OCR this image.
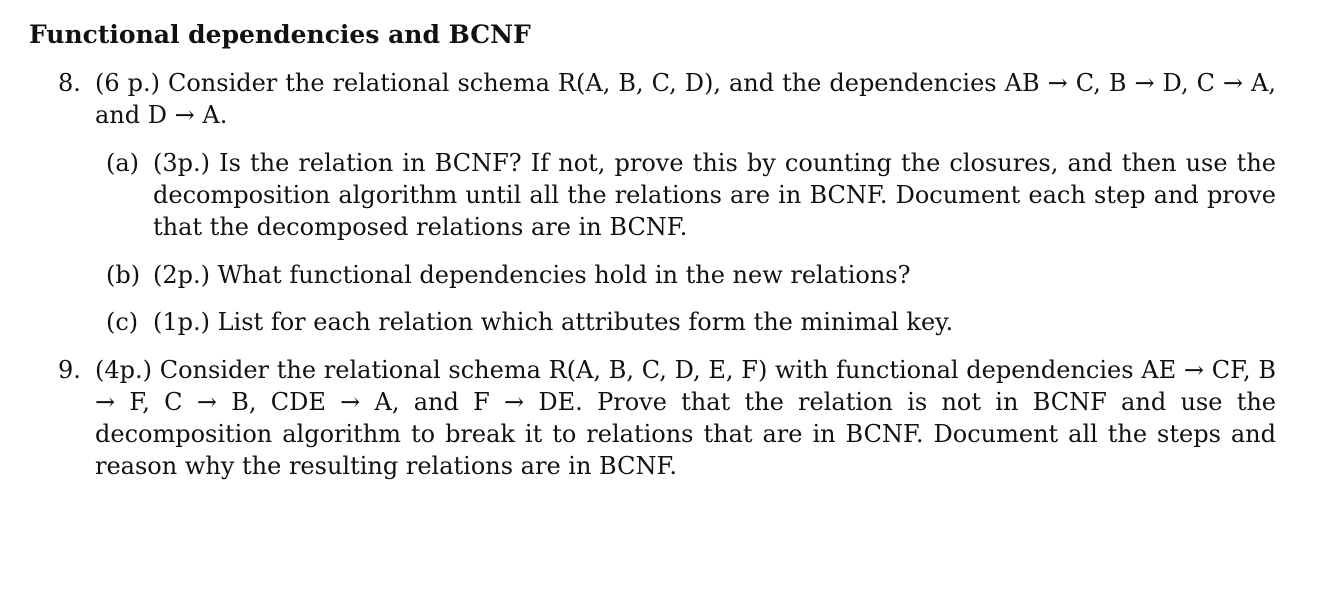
Functional dependencies and BCNF
8. (6 p.) Consider the relational schema R(A, B, C, D), and the dependencies AB → C, B → D, C → A, and D → A.
(a) (3p.) Is the relation in BCNF? If not, prove this by counting the closures, and then use the decomposition algorithm until all the relations are in BCNF. Document each step and prove that the decomposed relations are in BCNF.
(b) (2p.) What functional dependencies hold in the new relations?
(c) (1p.) List for each relation which attributes form the minimal key.
9. (4p.) Consider the relational schema R(A, B, C, D, E, F) with functional dependencies AE → CF, B → F, C → B, CDE → A, and F → DE. Prove that the relation is not in BCNF and use the decomposition algorithm to break it to relations that are in BCNF. Document all the steps and reason why the resulting relations are in BCNF.
